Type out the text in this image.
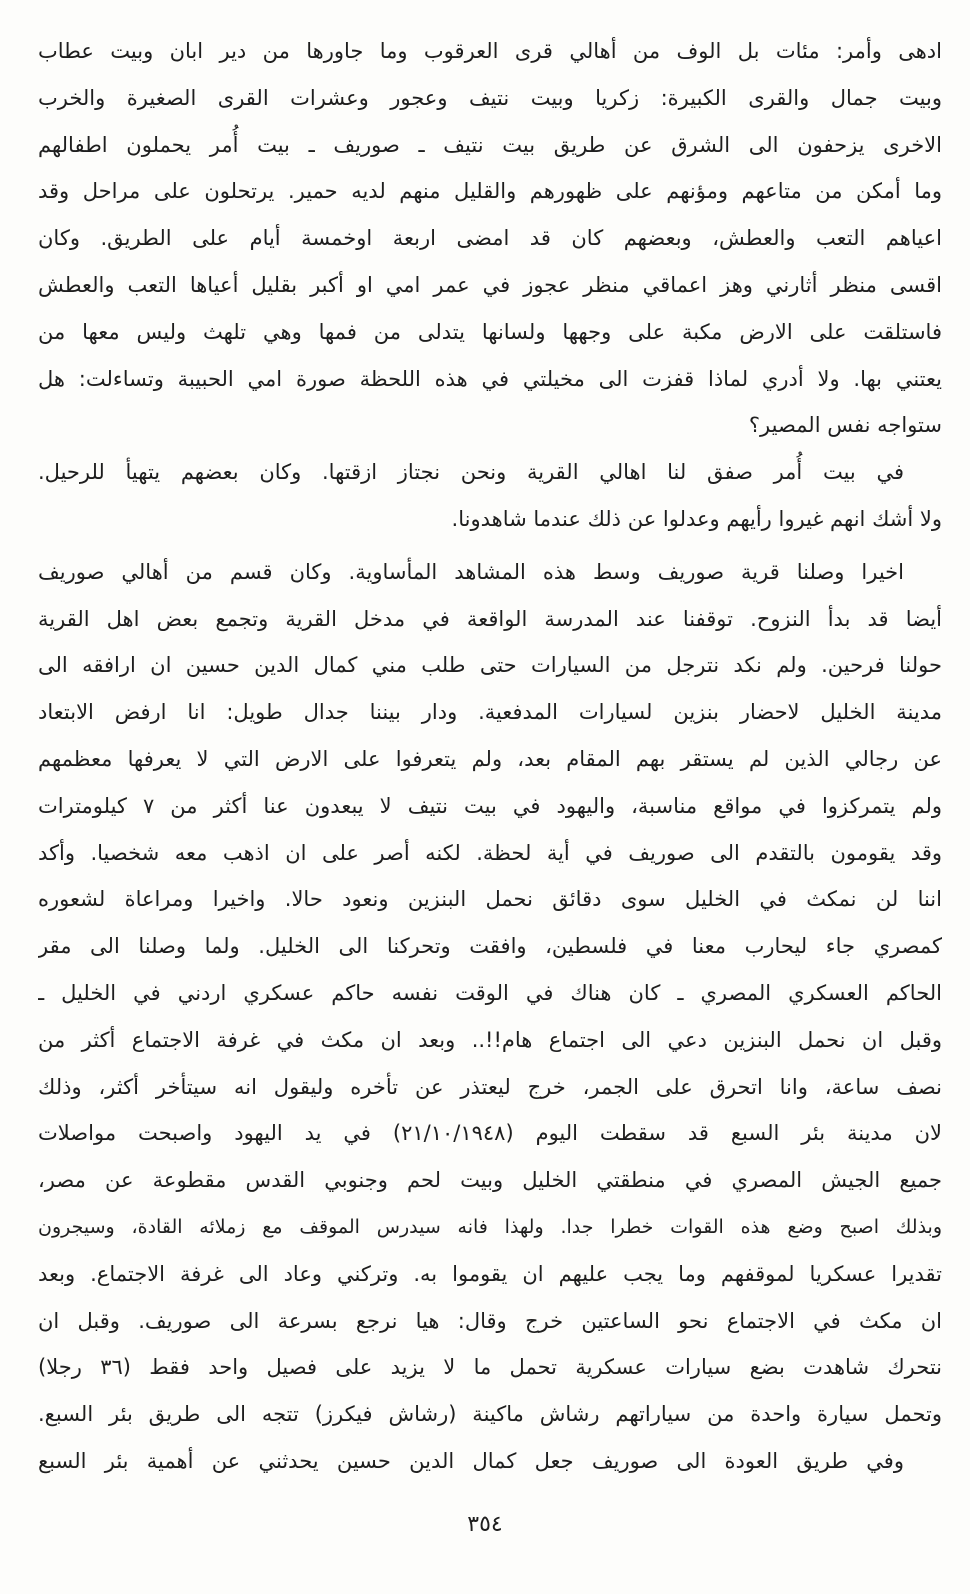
ادهى وأمر: مئات بل الوف من أهالي قرى العرقوب وما جاورها من دير ابان وبيت عطاب
وبيت جمال والقرى الكبيرة: زكريا وبيت نتيف وعجور وعشرات القرى الصغيرة والخرب
الاخرى يزحفون الى الشرق عن طريق بيت نتيف ـ صوريف ـ بيت أُمر يحملون اطفالهم
وما أمكن من متاعهم ومؤنهم على ظهورهم والقليل منهم لديه حمير. يرتحلون على مراحل وقد
اعياهم التعب والعطش، وبعضهم كان قد امضى اربعة اوخمسة أيام على الطريق. وكان
اقسى منظر أثارني وهز اعماقي منظر عجوز في عمر امي او أكبر بقليل أعياها التعب والعطش
فاستلقت على الارض مكبة على وجهها ولسانها يتدلى من فمها وهي تلهث وليس معها من
يعتني بها. ولا أدري لماذا قفزت الى مخيلتي في هذه اللحظة صورة امي الحبيبة وتساءلت: هل
ستواجه نفس المصير؟
في بيت أُمر صفق لنا اهالي القرية ونحن نجتاز ازقتها. وكان بعضهم يتهيأ للرحيل.
ولا أشك انهم غيروا رأيهم وعدلوا عن ذلك عندما شاهدونا.
اخيرا وصلنا قرية صوريف وسط هذه المشاهد المأساوية. وكان قسم من أهالي صوريف
أيضا قد بدأ النزوح. توقفنا عند المدرسة الواقعة في مدخل القرية وتجمع بعض اهل القرية
حولنا فرحين. ولم نكد نترجل من السيارات حتى طلب مني كمال الدين حسين ان ارافقه الى
مدينة الخليل لاحضار بنزين لسيارات المدفعية. ودار بيننا جدال طويل: انا ارفض الابتعاد
عن رجالي الذين لم يستقر بهم المقام بعد، ولم يتعرفوا على الارض التي لا يعرفها معظمهم
ولم يتمركزوا في مواقع مناسبة، واليهود في بيت نتيف لا يبعدون عنا أكثر من ٧ كيلومترات
وقد يقومون بالتقدم الى صوريف في أية لحظة. لكنه أصر على ان اذهب معه شخصيا. وأكد
اننا لن نمكث في الخليل سوى دقائق نحمل البنزين ونعود حالا. واخيرا ومراعاة لشعوره
كمصري جاء ليحارب معنا في فلسطين، وافقت وتحركنا الى الخليل. ولما وصلنا الى مقر
الحاكم العسكري المصري ـ كان هناك في الوقت نفسه حاكم عسكري اردني في الخليل ـ
وقبل ان نحمل البنزين دعي الى اجتماع هام!!.. وبعد ان مكث في غرفة الاجتماع أكثر من
نصف ساعة، وانا اتحرق على الجمر، خرج ليعتذر عن تأخره وليقول انه سيتأخر أكثر، وذلك
لان مدينة بئر السبع قد سقطت اليوم (٢١/١٠/١٩٤٨) في يد اليهود واصبحت مواصلات
جميع الجيش المصري في منطقتي الخليل وبيت لحم وجنوبي القدس مقطوعة عن مصر،
وبذلك اصبح وضع هذه القوات خطرا جدا. ولهذا فانه سيدرس الموقف مع زملائه القادة، وسيجرون
تقديرا عسكريا لموقفهم وما يجب عليهم ان يقوموا به. وتركني وعاد الى غرفة الاجتماع. وبعد
ان مكث في الاجتماع نحو الساعتين خرج وقال: هيا نرجع بسرعة الى صوريف. وقبل ان
نتحرك شاهدت بضع سيارات عسكرية تحمل ما لا يزيد على فصيل واحد فقط (٣٦ رجلا)
وتحمل سيارة واحدة من سياراتهم رشاش ماكينة (رشاش فيكرز) تتجه الى طريق بئر السبع.
وفي طريق العودة الى صوريف جعل كمال الدين حسين يحدثني عن أهمية بئر السبع
٣٥٤
